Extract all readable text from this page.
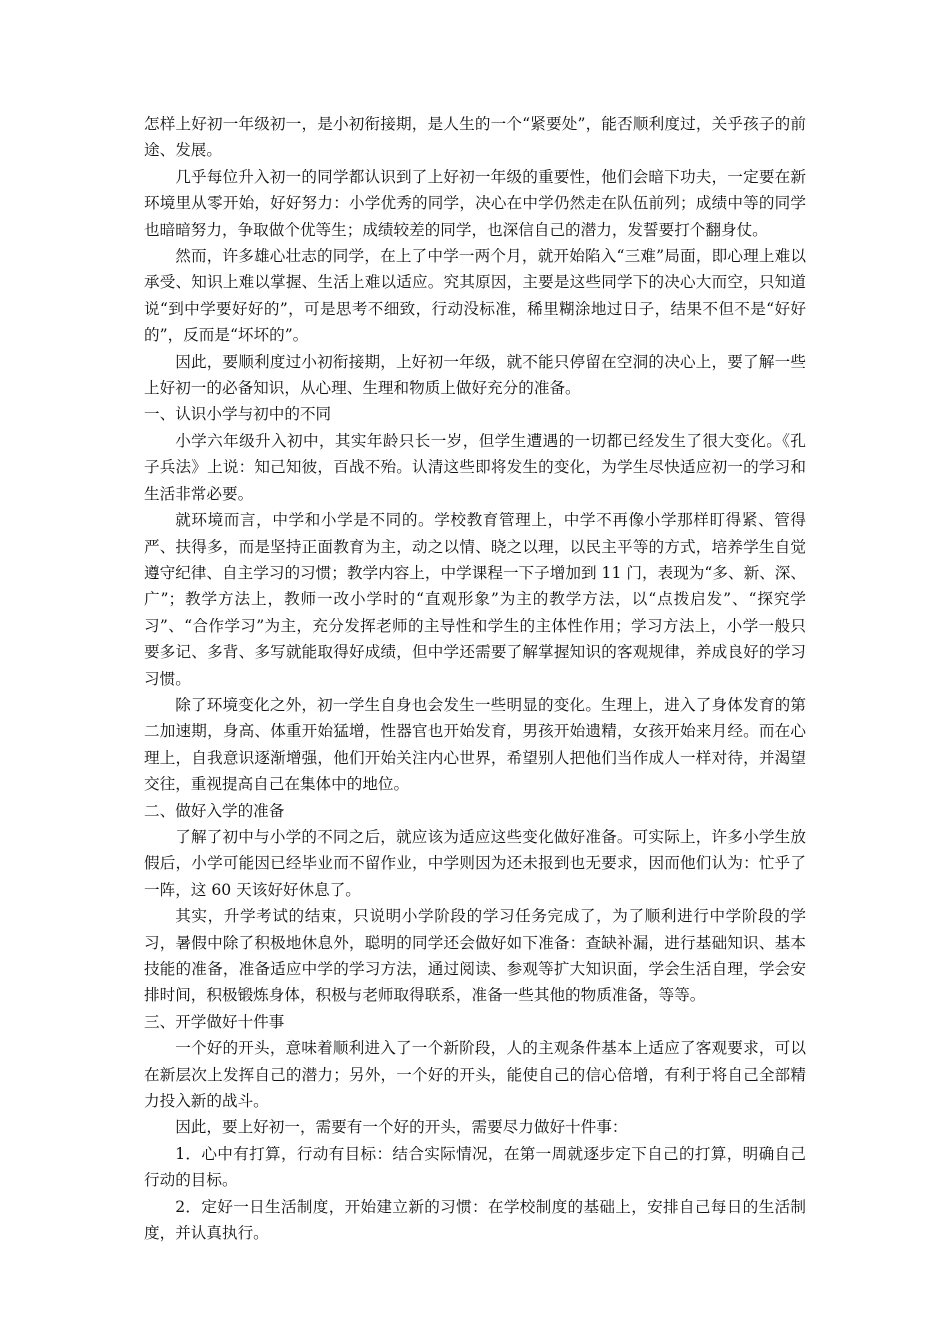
怎样上好初一年级初一，是小初衔接期，是人生的一个“紧要处”，能否顺利度过，关乎孩子的前途、发展。

几乎每位升入初一的同学都认识到了上好初一年级的重要性，他们会暗下功夫，一定要在新环境里从零开始，好好努力：小学优秀的同学，决心在中学仍然走在队伍前列；成绩中等的同学也暗暗努力，争取做个优等生；成绩较差的同学，也深信自己的潜力，发誓要打个翻身仗。

然而，许多雄心壮志的同学，在上了中学一两个月，就开始陷入“三难”局面，即心理上难以承受、知识上难以掌握、生活上难以适应。究其原因，主要是这些同学下的决心大而空，只知道说“到中学要好好的”，可是思考不细致，行动没标准，稀里糊涂地过日子，结果不但不是“好好的”，反而是“坏坏的”。

因此，要顺利度过小初衔接期，上好初一年级，就不能只停留在空洞的决心上，要了解一些上好初一的必备知识，从心理、生理和物质上做好充分的准备。

一、认识小学与初中的不同

小学六年级升入初中，其实年龄只长一岁，但学生遭遇的一切都已经发生了很大变化。《孔子兵法》上说：知己知彼，百战不殆。认清这些即将发生的变化，为学生尽快适应初一的学习和生活非常必要。

就环境而言，中学和小学是不同的。学校教育管理上，中学不再像小学那样盯得紧、管得严、扶得多，而是坚持正面教育为主，动之以情、晓之以理，以民主平等的方式，培养学生自觉遵守纪律、自主学习的习惯；教学内容上，中学课程一下子增加到 11 门，表现为“多、新、深、广”；教学方法上，教师一改小学时的“直观形象”为主的教学方法，以“点拨启发”、“探究学习”、“合作学习”为主，充分发挥老师的主导性和学生的主体性作用；学习方法上，小学一般只要多记、多背、多写就能取得好成绩，但中学还需要了解掌握知识的客观规律，养成良好的学习习惯。

除了环境变化之外，初一学生自身也会发生一些明显的变化。生理上，进入了身体发育的第二加速期，身高、体重开始猛增，性器官也开始发育，男孩开始遗精，女孩开始来月经。而在心理上，自我意识逐渐增强，他们开始关注内心世界，希望别人把他们当作成人一样对待，并渴望交往，重视提高自己在集体中的地位。

二、做好入学的准备

了解了初中与小学的不同之后，就应该为适应这些变化做好准备。可实际上，许多小学生放假后，小学可能因已经毕业而不留作业，中学则因为还未报到也无要求，因而他们认为：忙乎了一阵，这 60 天该好好休息了。

其实，升学考试的结束，只说明小学阶段的学习任务完成了，为了顺利进行中学阶段的学习，暑假中除了积极地休息外，聪明的同学还会做好如下准备：查缺补漏，进行基础知识、基本技能的准备，准备适应中学的学习方法，通过阅读、参观等扩大知识面，学会生活自理，学会安排时间，积极锻炼身体，积极与老师取得联系，准备一些其他的物质准备，等等。

三、开学做好十件事

一个好的开头，意味着顺利进入了一个新阶段，人的主观条件基本上适应了客观要求，可以在新层次上发挥自己的潜力；另外，一个好的开头，能使自己的信心倍增，有利于将自己全部精力投入新的战斗。

因此，要上好初一，需要有一个好的开头，需要尽力做好十件事：

1．心中有打算，行动有目标：结合实际情况，在第一周就逐步定下自己的打算，明确自己行动的目标。

2．定好一日生活制度，开始建立新的习惯：在学校制度的基础上，安排自己每日的生活制度，并认真执行。
